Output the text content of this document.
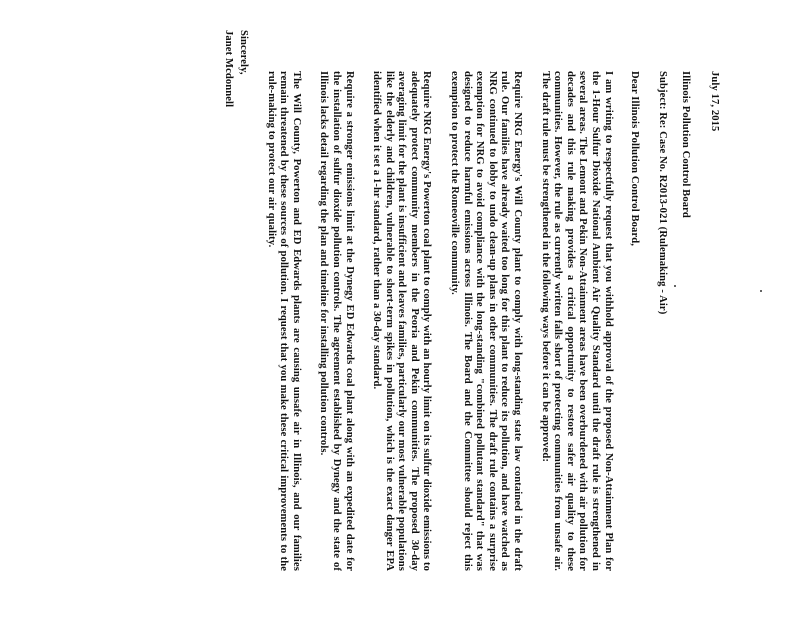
July 17, 2015
Illinois Pollution Control Board
Subject: Re: Case No. R2013-021 (Rulemaking - Air)
Dear Illinois Pollution Control Board,
I am writing to respectfully request that you withhold approval of the proposed Non-Attainment Plan for the 1-Hour Sulfur Dioxide National Ambient Air Quality Standard until the draft rule is strengthened in several areas. The Lemont and Pekin Non-Attainment areas have been overburdened with air pollution for decades and this rule making provides a critical opportunity to restore safer air quality to these communities. However, the rule as currently written falls short of protecting communities from unsafe air. The draft rule must be strengthened in the following ways before it can be approved:
Require NRG Energy's Will County plant to comply with long-standing state law contained in the draft rule. Our families have already waited too long for this plant to reduce its pollution, and have watched as NRG continued to lobby to undo clean-up plans in other communities. The draft rule contains a surprise exemption for NRG to avoid compliance with the long-standing "combined pollutant standard" that was designed to reduce harmful emissions across Illinois. The Board and the Committee should reject this exemption to protect the Romeoville community.
Require NRG Energy's Powerton coal plant to comply with an hourly limit on its sulfur dioxide emissions to adequately protect community members in the Peoria and Pekin communities. The proposed 30-day averaging limit for the plant is insufficient and leaves families, particularly our most vulnerable populations like the elderly and children, vulnerable to short-term spikes in pollution, which is the exact danger EPA identified when it set a 1-hr standard, rather than a 30-day standard.
Require a stronger emissions limit at the Dynegy ED Edwards coal plant along with an expedited date for the installation of sulfur dioxide pollution controls. The agreement established by Dynegy and the state of Illinois lacks detail regarding the plan and timeline for installing pollution controls.
The Will County, Powerton and ED Edwards plants are causing unsafe air in Illinois, and our families remain threatened by these sources of pollution. I request that you make these critical improvements to the rule-making to protect our air quality.
Sincerely,
Janet Mcdonnell
